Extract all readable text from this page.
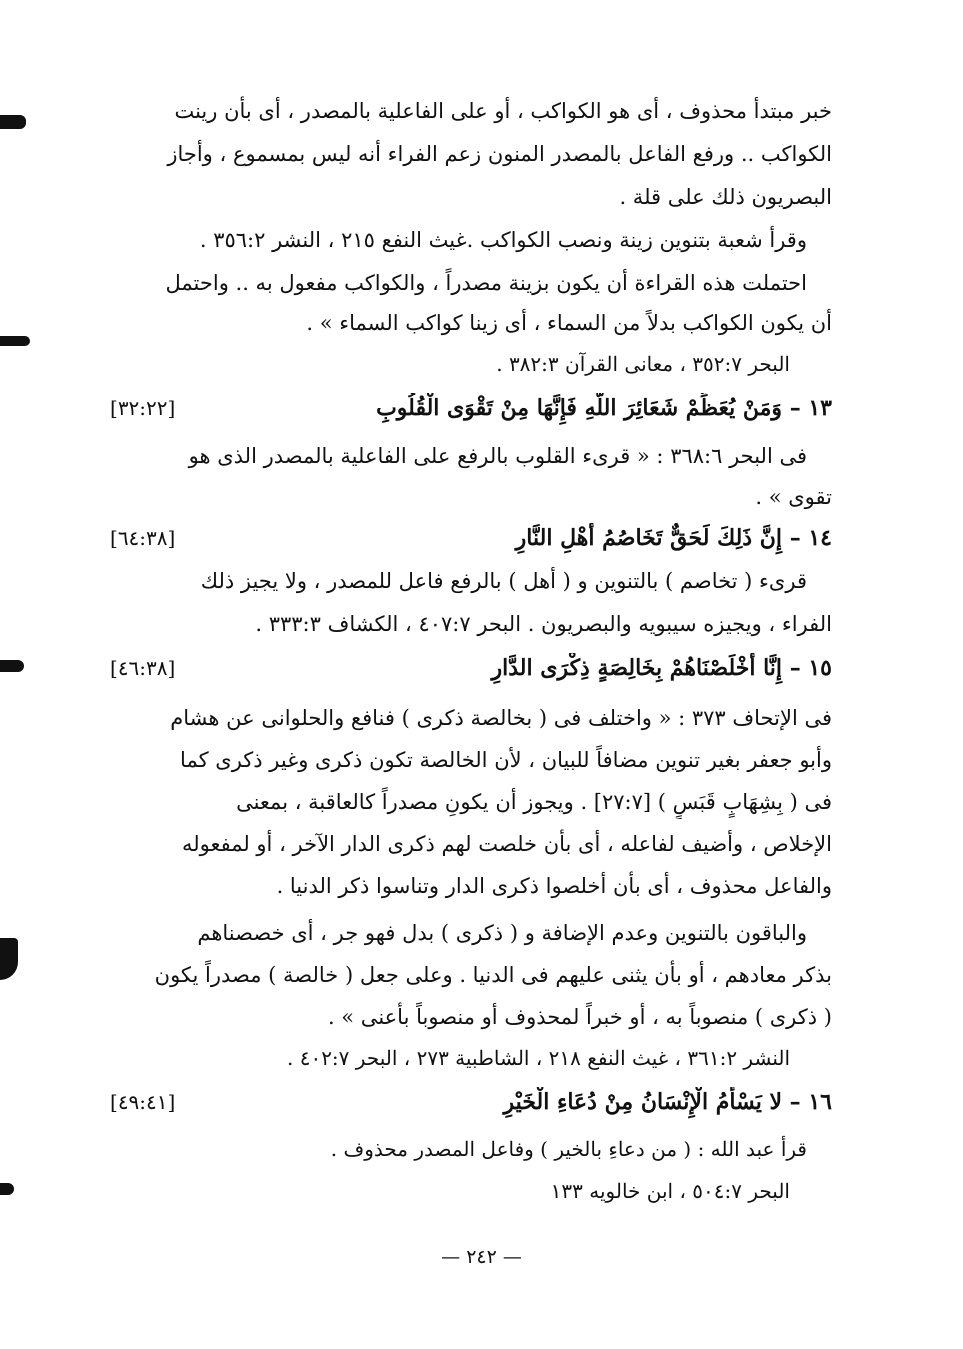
خبر مبتدأ محذوف ، أى هو الكواكب ، أو على الفاعلية بالمصدر ، أى بأن رينت
الكواكب .. ورفع الفاعل بالمصدر المنون زعم الفراء أنه ليس بمسموع ، وأجاز
البصريون ذلك على قلة .
وقرأ شعبة بتنوين زينة ونصب الكواكب .غيث النفع ٢١٥ ، النشر ٣٥٦:٢ .
احتملت هذه القراءة أن يكون بزينة مصدراً ، والكواكب مفعول به .. واحتمل
أن يكون الكواكب بدلاً من السماء ، أى زينا كواكب السماء » .
البحر ٣٥٢:٧ ، معانى القرآن ٣٨٢:٣ .
١٣ – وَمَنْ يُعَظِّمْ شَعَائِرَ اللَّهِ فَإِنَّهَا مِنْ تَقْوَى الْقُلُوبِ
[٣٢:٢٢]
فى البحر ٣٦٨:٦ : « قرىء القلوب بالرفع على الفاعلية بالمصدر الذى هو
تقوى » .
١٤ – إِنَّ ذَلِكَ لَحَقٌّ تَخَاصُمُ أَهْلِ النَّارِ
[٦٤:٣٨]
قرىء ( تخاصم ) بالتنوين و ( أهل ) بالرفع فاعل للمصدر ، ولا يجيز ذلك
الفراء ، ويجيزه سيبويه والبصريون . البحر ٤٠٧:٧ ، الكشاف ٣٣٣:٣ .
١٥ – إِنَّا أَخْلَصْنَاهُمْ بِخَالِصَةٍ ذِكْرَى الدَّارِ
[٤٦:٣٨]
فى الإتحاف ٣٧٣ : « واختلف فى ( بخالصة ذكرى ) فنافع والحلوانى عن هشام
وأبو جعفر بغير تنوين مضافاً للبيان ، لأن الخالصة تكون ذكرى وغير ذكرى كما
فى ( بِشِهَابٍ قَبَسٍ ) [٢٧:٧] . ويجوز أن يكونِ مصدراً كالعاقبة ، بمعنى
الإخلاص ، وأضيف لفاعله ، أى بأن خلصت لهم ذكرى الدار الآخر ، أو لمفعوله
والفاعل محذوف ، أى بأن أخلصوا ذكرى الدار وتناسوا ذكر الدنيا .
والباقون بالتنوين وعدم الإضافة و ( ذكرى ) بدل فهو جر ، أى خصصناهم
بذكر معادهم ، أو بأن يثنى عليهم فى الدنيا . وعلى جعل ( خالصة ) مصدراً يكون
( ذكرى ) منصوباً به ، أو خبراً لمحذوف أو منصوباً بأعنى » .
النشر ٣٦١:٢ ، غيث النفع ٢١٨ ، الشاطبية ٢٧٣ ، البحر ٤٠٢:٧ .
١٦ – لا يَسْأَمُ الْإِنْسَانُ مِنْ دُعَاءِ الْخَيْرِ
[٤٩:٤١]
قرأ عبد الله : ( من دعاءِ بالخير ) وفاعل المصدر محذوف .
البحر ٥٠٤:٧ ، ابن خالويه ١٣٣
— ٢٤٢ —
